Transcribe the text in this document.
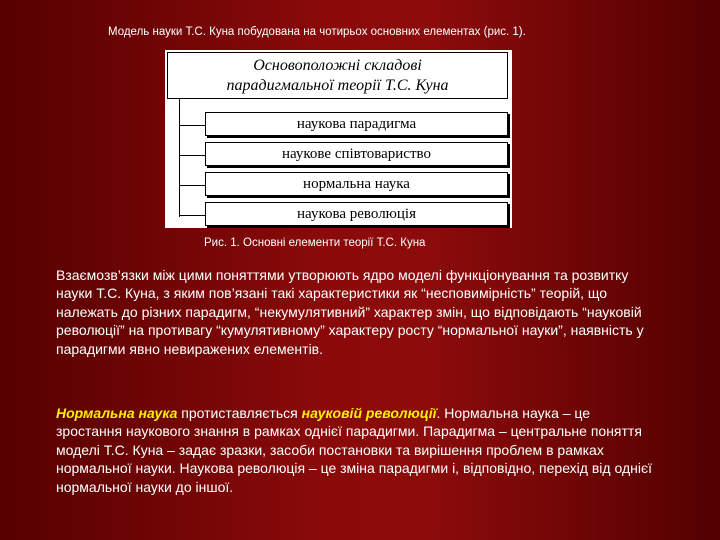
Модель науки Т.С. Куна побудована на чотирьох основних елементах (рис. 1).
Основоположні складові
парадигмальної теорії Т.С. Куна
наукова парадигма
наукове співтовариство
нормальна наука
наукова революція
Рис. 1. Основні елементи теорії Т.С. Куна
Взаємозв’язки між цими поняттями утворюють ядро моделі функціонування та розвитку науки Т.С. Куна, з яким пов’язані такі характеристики як “несповимірність” теорій, що належать до різних парадигм, “некумулятивний” характер змін, що відповідають “науковій революції” на противагу “кумулятивному” характеру росту “нормальної науки”, наявність у парадигми явно невиражених елементів.
Нормальна наука протиставляється науковій революції. Нормальна наука – це зростання наукового знання в рамках однієї парадигми. Парадигма – центральне поняття моделі Т.С. Куна – задає зразки, засоби постановки та вирішення проблем в рамках нормальної науки. Наукова революція – це зміна парадигми і, відповідно, перехід від однієї нормальної науки до іншої.
